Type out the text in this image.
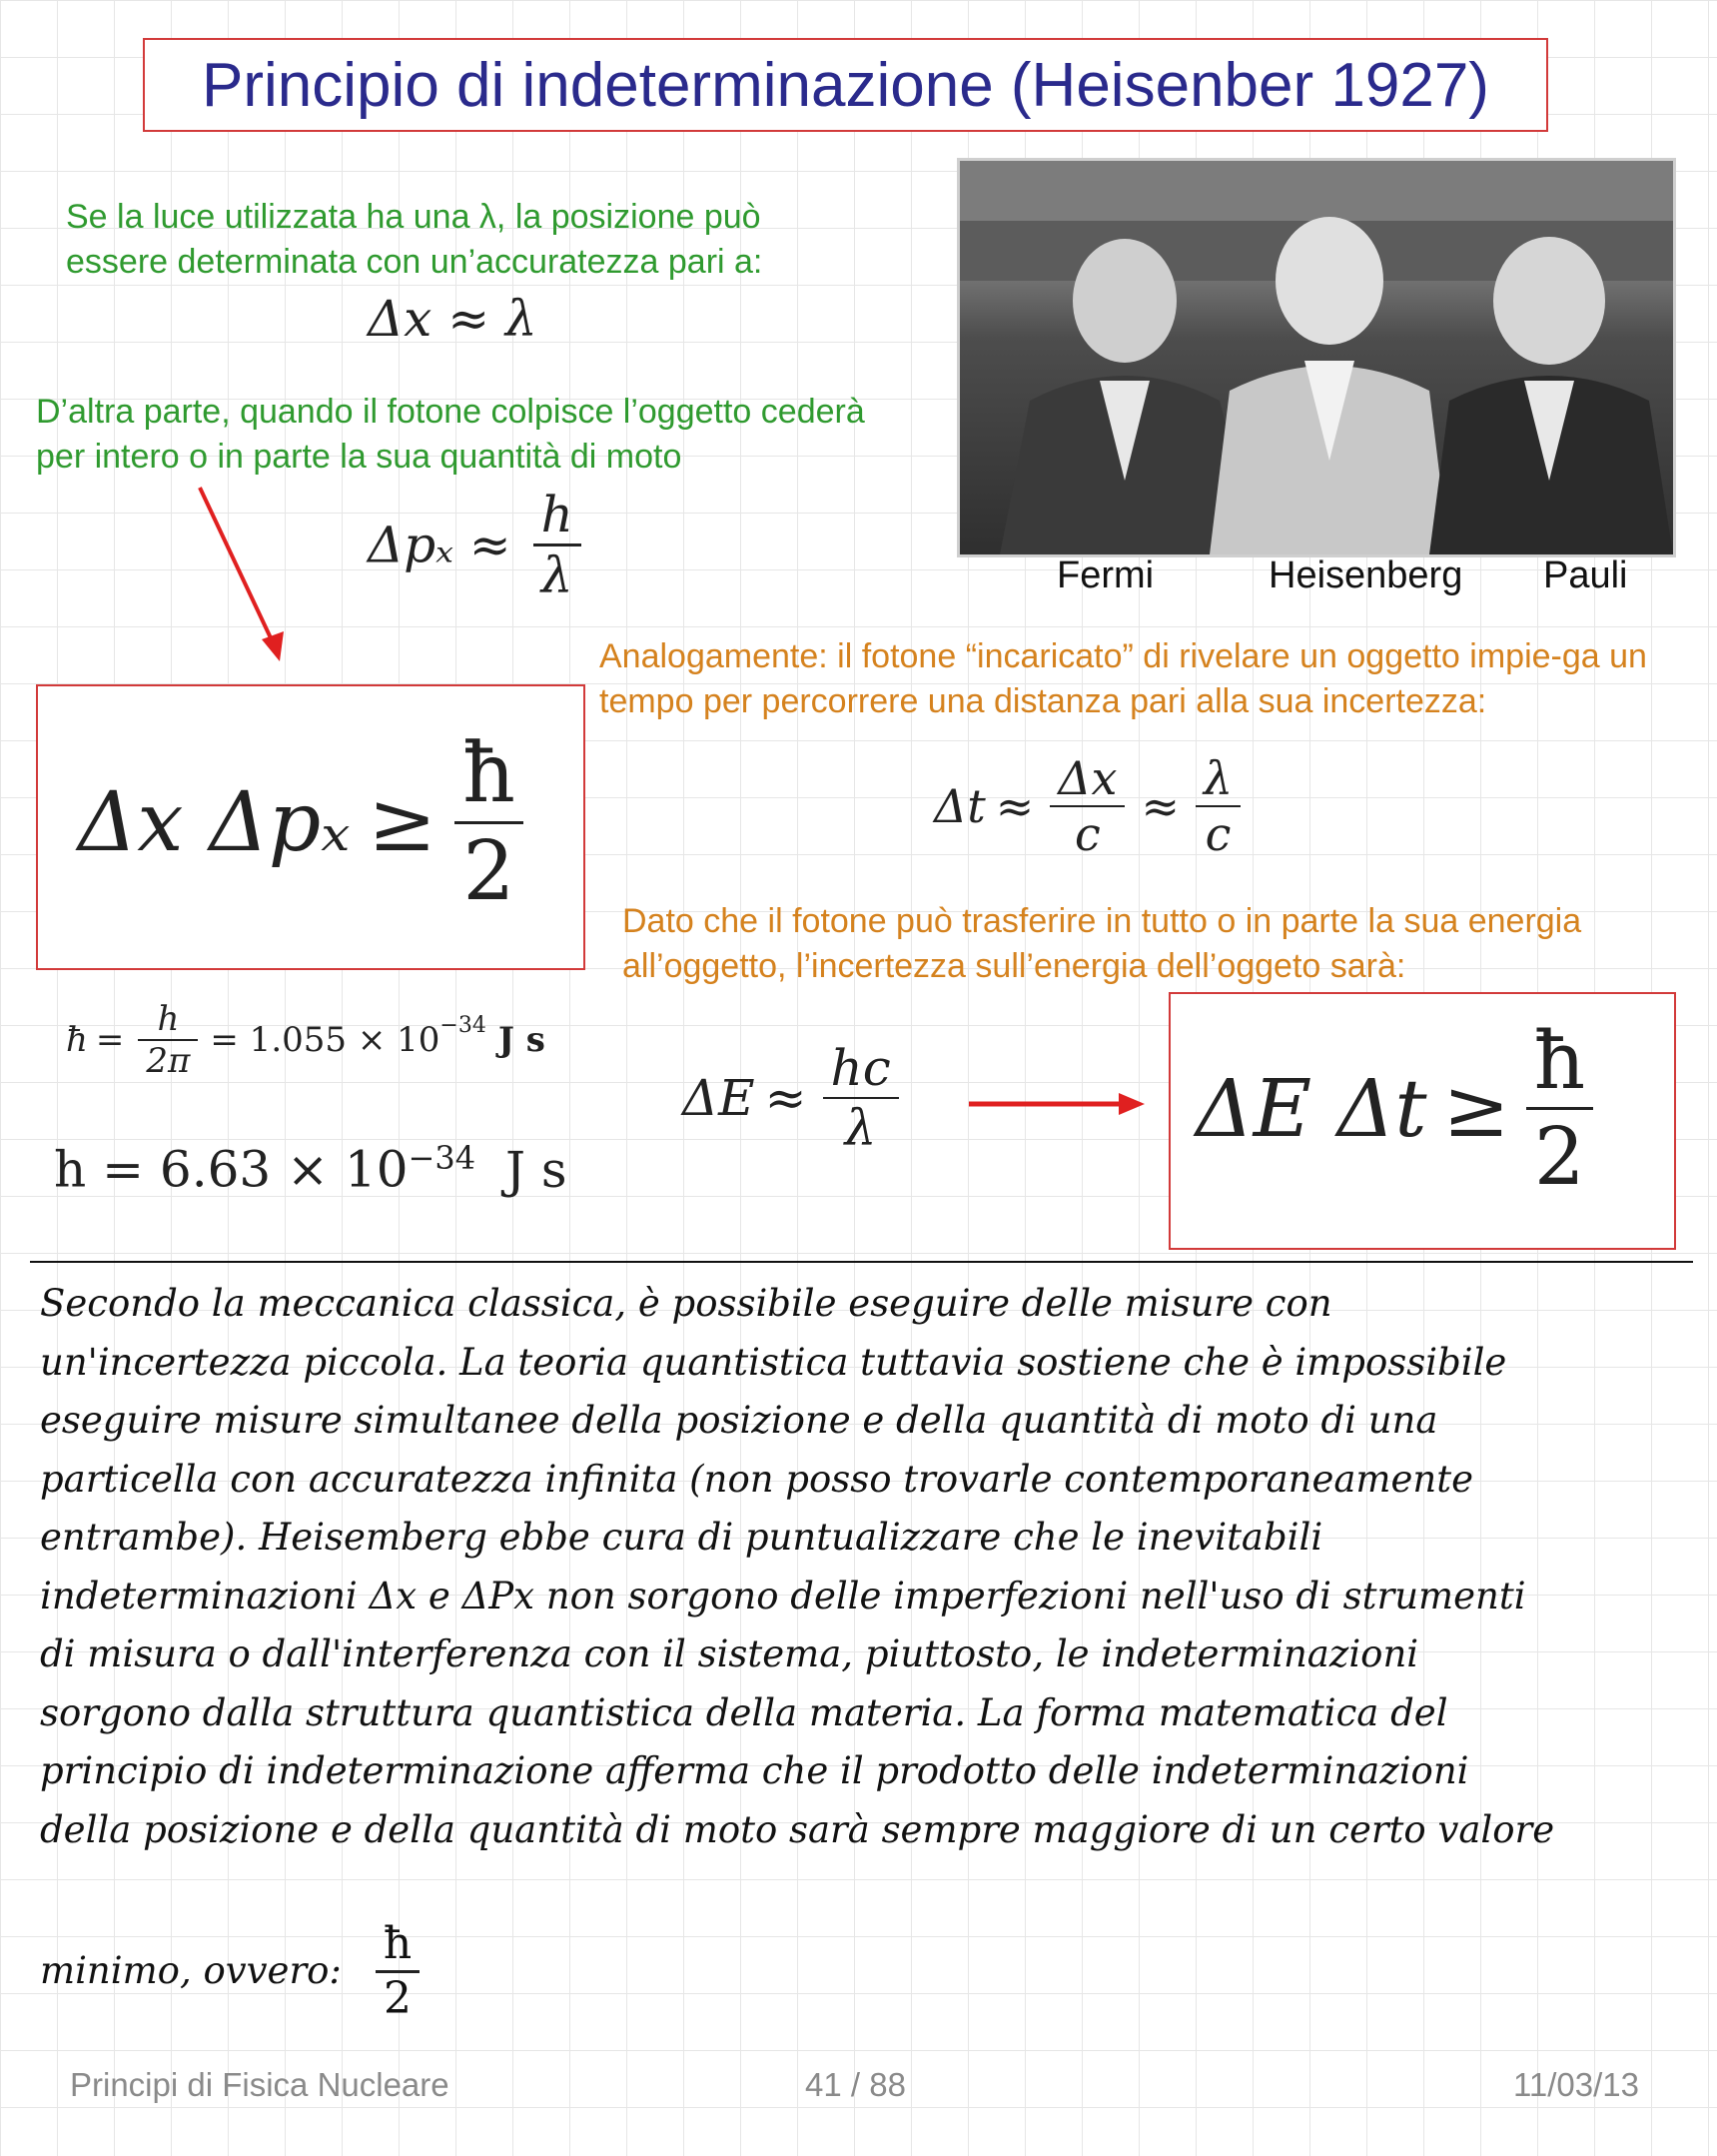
Principio di indeterminazione (Heisenber 1927)
Se la luce utilizzata ha una λ, la posizione può essere determinata con un’accuratezza pari a:
Δx ≈ λ
D’altra parte, quando il fotone colpisce l’oggetto cederà per intero o in parte la sua quantità di moto
$\Delta p_x \approx \frac{h}{\lambda}$
Δx $\Delta p_x \ge \frac{ħ}{2}$
ħ = $\frac{h}{2\pi} = 1.055 \times 10^{-34}$ J s
$h = 6.63 \times 10^{-34}$ J s
Fermi	Heisenberg Pauli
Analogamente: il fotone “incaricato” di rivelare un oggetto impie-ga un tempo per percorrere una distanza pari alla sua incertezza:
$\Delta t \approx \frac{\Delta x}{c} \approx \frac{\lambda}{c}$
Dato che il fotone può trasferire in tutto o in parte la sua energia all’oggetto, l’incertezza sull’energia dell’oggeto sarà:
$\Delta E \approx \frac{hc}{\lambda}$	ΔE $\Delta t \ge \frac{ħ}{2}$
Secondo la meccanica classica, è possibile eseguire delle misure con
un'incertezza piccola. La teoria quantistica tuttavia sostiene che è impossibile
eseguire misure simultanee della posizione e della quantità di moto di una
particella con accuratezza infinita (non posso trovarle contemporaneamente
entrambe). Heisemberg ebbe cura di puntualizzare che le inevitabili
indeterminazioni Δx e ΔPx non sorgono delle imperfezioni nell'uso di strumenti
di misura o dall'interferenza con il sistema, piuttosto, le indeterminazioni
sorgono dalla struttura quantistica della materia. La forma matematica del
principio di indeterminazione afferma che il prodotto delle indeterminazioni
della posizione e della quantità di moto sarà sempre maggiore di un certo valore
minimo, ovvero: $\frac{ħ}{2}$
Principi di Fisica Nucleare	41 / 88	11/03/13
